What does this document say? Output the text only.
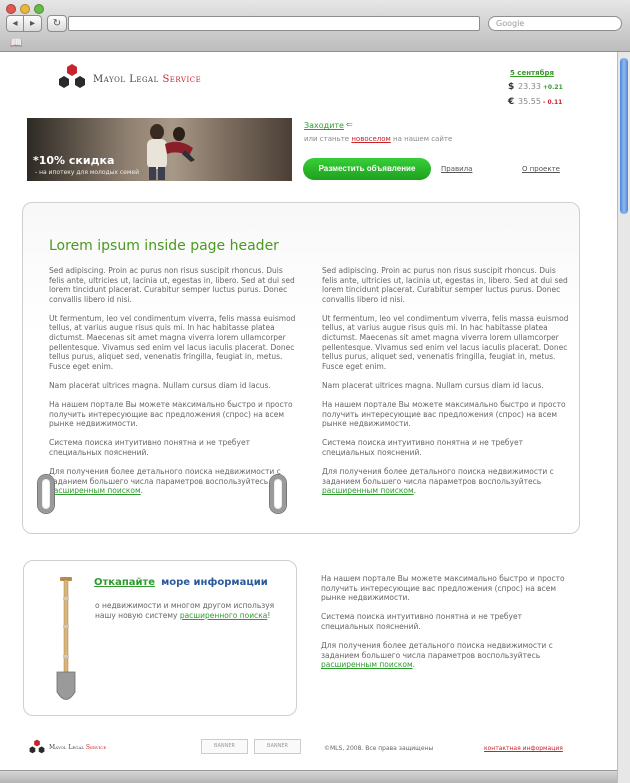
◂	▸	↻	Google
📖
Mayol Legal Service
5 сентября
$ 23.33 +0.21
€ 35.55 - 0.11
*10% скидка
- на ипотеку для молодых семей
Заходите ⇐
или станьте новоселом на нашем сайте
Разместить объявление	Правила	О проекте
Lorem ipsum inside page header

Sed adipiscing. Proin ac purus non risus suscipit rhoncus. Duis felis ante, ultricies ut, lacinia ut, egestas in, libero. Sed at dui sed lorem tincidunt placerat. Curabitur semper luctus purus. Donec convallis libero id nisi.

Ut fermentum, leo vel condimentum viverra, felis massa euismod tellus, at varius augue risus quis mi. In hac habitasse platea dictumst. Maecenas sit amet magna viverra lorem ullamcorper pellentesque. Vivamus sed enim vel lacus iaculis placerat. Donec tellus purus, aliquet sed, venenatis fringilla, feugiat in, metus. Fusce eget enim.

Nam placerat ultrices magna. Nullam cursus diam id lacus.

На нашем портале Вы можете максимально быстро и просто получить интересующие вас предложения (спрос) на всем рынке недвижимости.

Система поиска интуитивно понятна и не требует специальных пояснений.

Для получения более детального поиска недвижимости с заданием большего числа параметров воспользуйтесь расширенным поиском.

Sed adipiscing. Proin ac purus non risus suscipit rhoncus. Duis felis ante, ultricies ut, lacinia ut, egestas in, libero. Sed at dui sed lorem tincidunt placerat. Curabitur semper luctus purus. Donec convallis libero id nisi.

Ut fermentum, leo vel condimentum viverra, felis massa euismod tellus, at varius augue risus quis mi. In hac habitasse platea dictumst. Maecenas sit amet magna viverra lorem ullamcorper pellentesque. Vivamus sed enim vel lacus iaculis placerat. Donec tellus purus, aliquet sed, venenatis fringilla, feugiat in, metus. Fusce eget enim.

Nam placerat ultrices magna. Nullam cursus diam id lacus.

На нашем портале Вы можете максимально быстро и просто получить интересующие вас предложения (спрос) на всем рынке недвижимости.

Система поиска интуитивно понятна и не требует специальных пояснений.

Для получения более детального поиска недвижимости с заданием большего числа параметров воспользуйтесь расширенным поиском.

Откапайте море информации
о недвижимости и многом другом используя нашу новую систему расширенного поиска!

На нашем портале Вы можете максимально быстро и просто получить интересующие вас предложения (спрос) на всем рынке недвижимости.

Система поиска интуитивно понятна и не требует специальных пояснений.

Для получения более детального поиска недвижимости с заданием большего числа параметров воспользуйтесь расширенным поиском.

Mayol Legal Service	BANNER	BANNER	©MLS, 2008. Все права защищены	контактная информация
